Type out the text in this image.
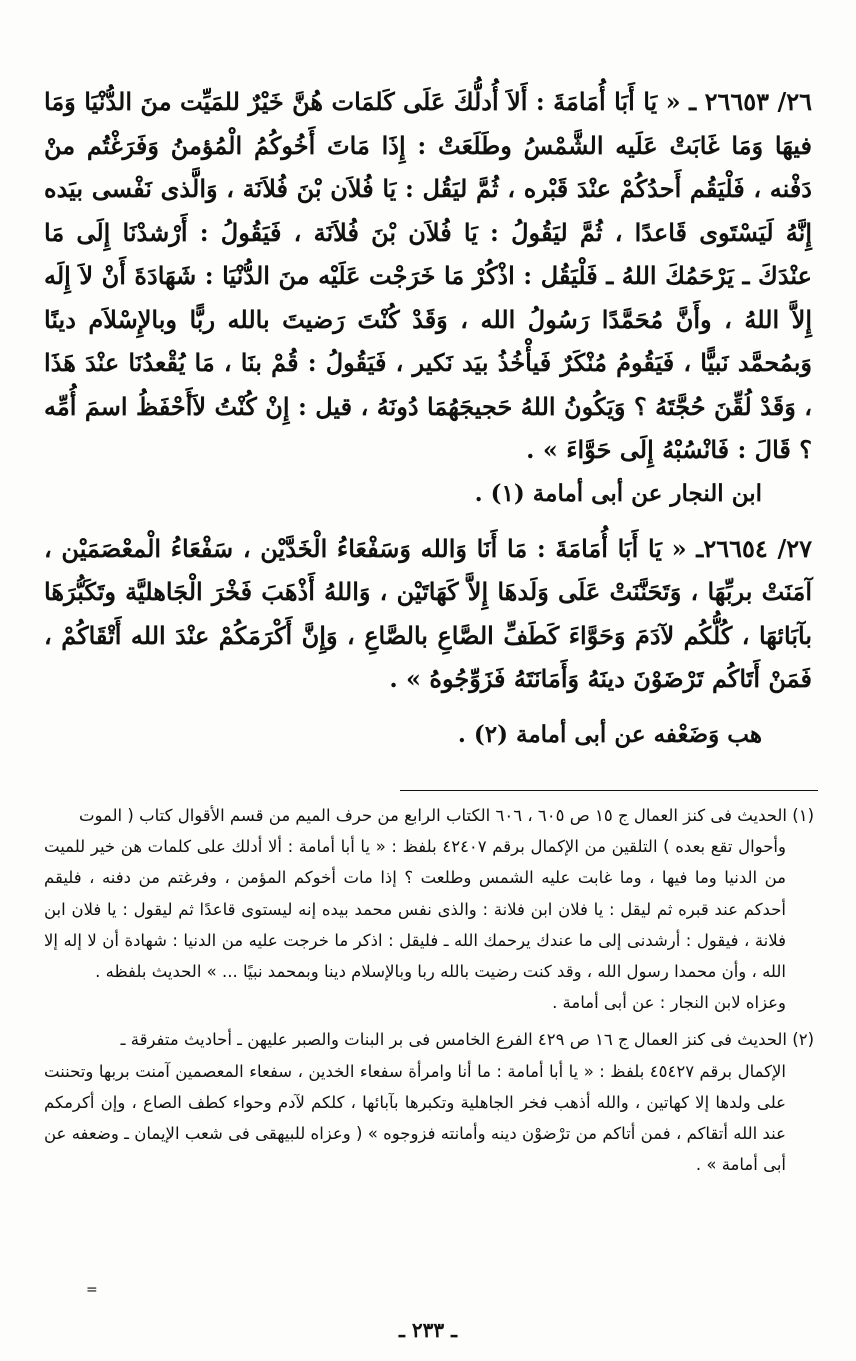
٢٦/ ٢٦٦٥٣ ـ « يَا أَبَا أُمَامَةَ : أَلاَ أُدلُّكَ عَلَى كَلمَات هُنَّ خَيْرٌ للمَيِّت منَ الدُّنْيَا وَمَا فيهَا وَمَا غَابَتْ عَلَيه الشَّمْسُ وطَلَعَتْ : إِذَا مَاتَ أَخُوكُمُ الْمُؤمنُ وَفَرَغْتُم منْ دَفْنه ، فَلْيَقُم أَحدُكُمْ عنْدَ قَبْره ، ثُمَّ ليَقُل : يَا فُلاَن بْنَ فُلاَنَة ، وَالَّذى نَفْسى بيَده إِنَّهُ لَيَسْتَوى قَاعدًا ، ثُمَّ ليَقُولُ : يَا فُلاَن بْنَ فُلاَنَة ، فَيَقُولُ : أَرْشدْنَا إِلَى مَا عنْدَكَ ـ يَرْحَمُكَ اللهُ ـ فَلْيَقُل : اذْكُرْ مَا خَرَجْت عَلَيْه منَ الدُّنْيَا : شَهَادَةَ أَنْ لاَ إِلَه إِلاَّ اللهُ ، وأَنَّ مُحَمَّدًا رَسُولُ الله ، وَقَدْ كُنْتَ رَضيتَ بالله ربًّا وبالإِسْلاَم دينًا وَبمُحمَّد نَبيًّا ، فَيَقُومُ مُنْكَرٌ فَيأْخُذُ بيَد نَكير ، فَيَقُولُ : قُمْ بنَا ، مَا يُقْعدُنَا عنْدَ هَذَا ، وَقَدْ لُقِّنَ حُجَّتَهُ ؟ وَيَكُونُ اللهُ حَجيجَهُمَا دُونَهُ ، قيل : إِنْ كُنْتُ لاَأَحْفَظُ اسمَ أُمِّه ؟ قَالَ : فَانْسُبْهُ إِلَى حَوَّاءَ » .

ابن النجار عن أبى أمامة (١) .

٢٧/ ٢٦٦٥٤ـ « يَا أَبَا أُمَامَةَ : مَا أَنَا وَالله وَسَفْعَاءُ الْخَدَّيْن ، سَفْعَاءُ الْمعْصَمَيْن ، آمَنَتْ بربِّهَا ، وَتَحَنَّنَتْ عَلَى وَلَدهَا إِلاَّ كَهَاتَيْن ، وَاللهُ أَذْهَبَ فَخْرَ الْجَاهليَّة وتَكَبُّرَهَا بآبَائهَا ، كُلُّكُم لآدَمَ وَحَوَّاءَ كَطَفِّ الصَّاعِ بالصَّاعِ ، وَإِنَّ أَكْرَمَكُمْ عنْدَ الله أَتْقَاكُمْ ، فَمَنْ أَتَاكُم تَرْضَوْنَ دينَهُ وَأَمَانَتَهُ فَزَوِّجُوهُ » .

هب وَضَعْفه عن أبى أمامة (٢) .

(١) الحديث فى كنز العمال ج ١٥ ص ٦٠٥ ، ٦٠٦ الكتاب الرابع من حرف الميم من قسم الأقوال كتاب ( الموت

وأحوال تقع بعده ) التلقين من الإكمال برقم ٤٢٤٠٧ بلفظ : « يا أبا أمامة : ألا أدلك على كلمات هن خير للميت من الدنيا وما فيها ، وما غابت عليه الشمس وطلعت ؟ إذا مات أخوكم المؤمن ، وفرغتم من دفنه ، فليقم أحدكم عند قبره ثم ليقل : يا فلان ابن فلانة : والذى نفس محمد بيده إنه ليستوى قاعدًا ثم ليقول : يا فلان ابن فلانة ، فيقول : أرشدنى إلى ما عندك يرحمك الله ـ فليقل : اذكر ما خرجت عليه من الدنيا : شهادة أن لا إله إلا الله ، وأن محمدا رسول الله ، وقد كنت رضيت بالله ربا وبالإسلام دينا وبمحمد نبيًا ... » الحديث بلفظه .

وعزاه لابن النجار : عن أبى أمامة .

(٢) الحديث فى كنز العمال ج ١٦ ص ٤٢٩ الفرع الخامس فى بر البنات والصبر عليهن ـ أحاديث متفرقة ـ

الإكمال برقم ٤٥٤٢٧ بلفظ : « يا أبا أمامة : ما أنا وامرأة سفعاء الخدين ، سفعاء المعصمين آمنت بربها وتحننت على ولدها إلا كهاتين ، والله أذهب فخر الجاهلية وتكبرها بآبائها ، كلكم لآدم وحواء كطف الصاع ، وإن أكرمكم عند الله أتقاكم ، فمن أتاكم من ترْضوْن دينه وأمانته فزوجوه » ( وعزاه للبيهقى فى شعب الإيمان ـ وضعفه عن أبى أمامة » .

=
ـ ٢٣٣ ـ
